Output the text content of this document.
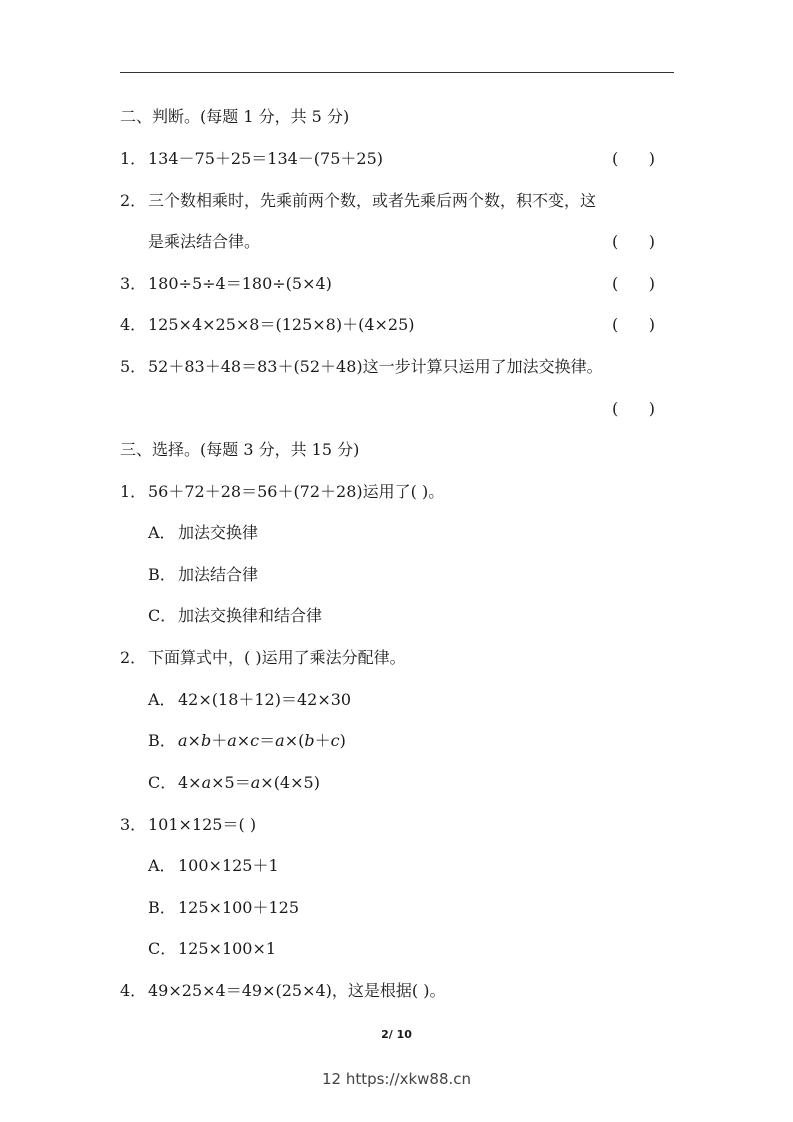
二、判断。(每题 1 分，共 5 分)
1． 134－75＋25＝134－(75＋25)	(      )
2． 三个数相乘时，先乘前两个数，或者先乘后两个数，积不变，这
是乘法结合律。	(      )
3． 180÷5÷4＝180÷(5×4)	(      )
4． 125×4×25×8＝(125×8)＋(4×25)	(      )
5． 52＋83＋48＝83＋(52＋48)这一步计算只运用了加法交换律。
(      )
三、选择。(每题 3 分，共 15 分)
1． 56＋72＋28＝56＋(72＋28)运用了( )。
A． 加法交换律
B． 加法结合律
C． 加法交换律和结合律
2． 下面算式中，( )运用了乘法分配律。
A． 42×(18＋12)＝42×30
B． a×b＋a×c＝a×(b＋c)
C． 4×a×5＝a×(4×5)
3． 101×125＝( )
A． 100×125＋1
B． 125×100＋125
C． 125×100×1
4． 49×25×4＝49×(25×4)，这是根据( )。
2/ 10
12 https://xkw88.cn
